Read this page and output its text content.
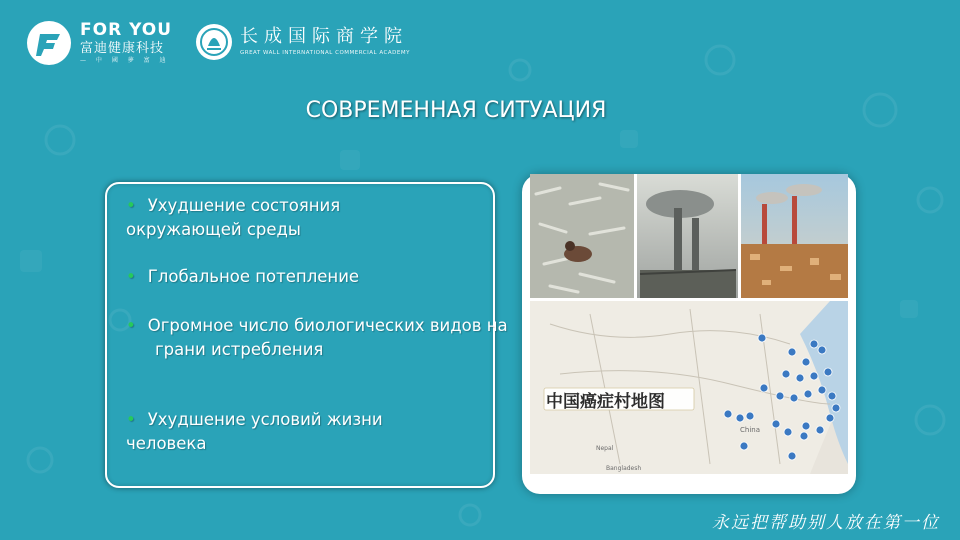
FOR YOU
富迪健康科技
— 中 國 夢 富 迪
长成国际商学院
GREAT WALL INTERNATIONAL COMMERCIAL ACADEMY
СОВРЕМЕННАЯ СИТУАЦИЯ
• Ухудшение состояния окружающей среды
• Глобальное потепление
• Огромное число биологических видов на грани истребления
• Ухудшение условий жизни человека
中国癌症村地图
China
Nepal
Bangladesh
永远把帮助别人放在第一位
